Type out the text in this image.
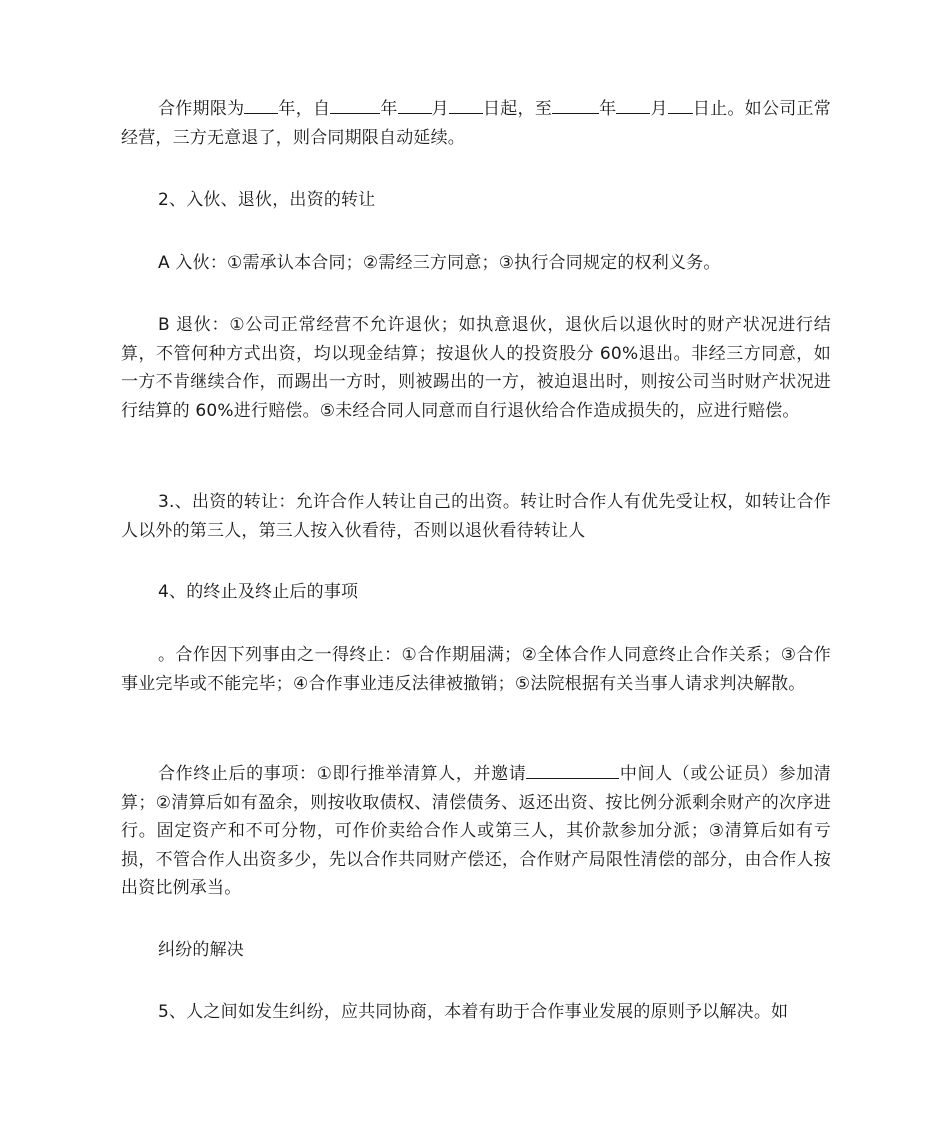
合作期限为 年，自	年 月 日起，至	年 月 日止。如公司正常经营，三方无意退了，则合同期限自动延续。

2、入伙、退伙，出资的转让

A 入伙：①需承认本合同；②需经三方同意；③执行合同规定的权利义务。

B 退伙：①公司正常经营不允许退伙；如执意退伙，退伙后以退伙时的财产状况进行结算，不管何种方式出资，均以现金结算；按退伙人的投资股分 60%退出。非经三方同意，如一方不肯继续合作，而踢出一方时，则被踢出的一方，被迫退出时，则按公司当时财产状况进行结算的 60%进行赔偿。⑤未经合同人同意而自行退伙给合作造成损失的，应进行赔偿。

3.、出资的转让：允许合作人转让自己的出资。转让时合作人有优先受让权，如转让合作人以外的第三人，第三人按入伙看待，否则以退伙看待转让人

4、的终止及终止后的事项

。合作因下列事由之一得终止：①合作期届满；②全体合作人同意终止合作关系；③合作事业完毕或不能完毕；④合作事业违反法律被撤销；⑤法院根据有关当事人请求判决解散。

合作终止后的事项：①即行推举清算人，并邀请	中间人（或公证员）参加清算；②清算后如有盈余，则按收取债权、清偿债务、返还出资、按比例分派剩余财产的次序进行。固定资产和不可分物，可作价卖给合作人或第三人，其价款参加分派；③清算后如有亏损，不管合作人出资多少，先以合作共同财产偿还，合作财产局限性清偿的部分，由合作人按出资比例承当。

纠纷的解决

5、人之间如发生纠纷，应共同协商，本着有助于合作事业发展的原则予以解决。如
